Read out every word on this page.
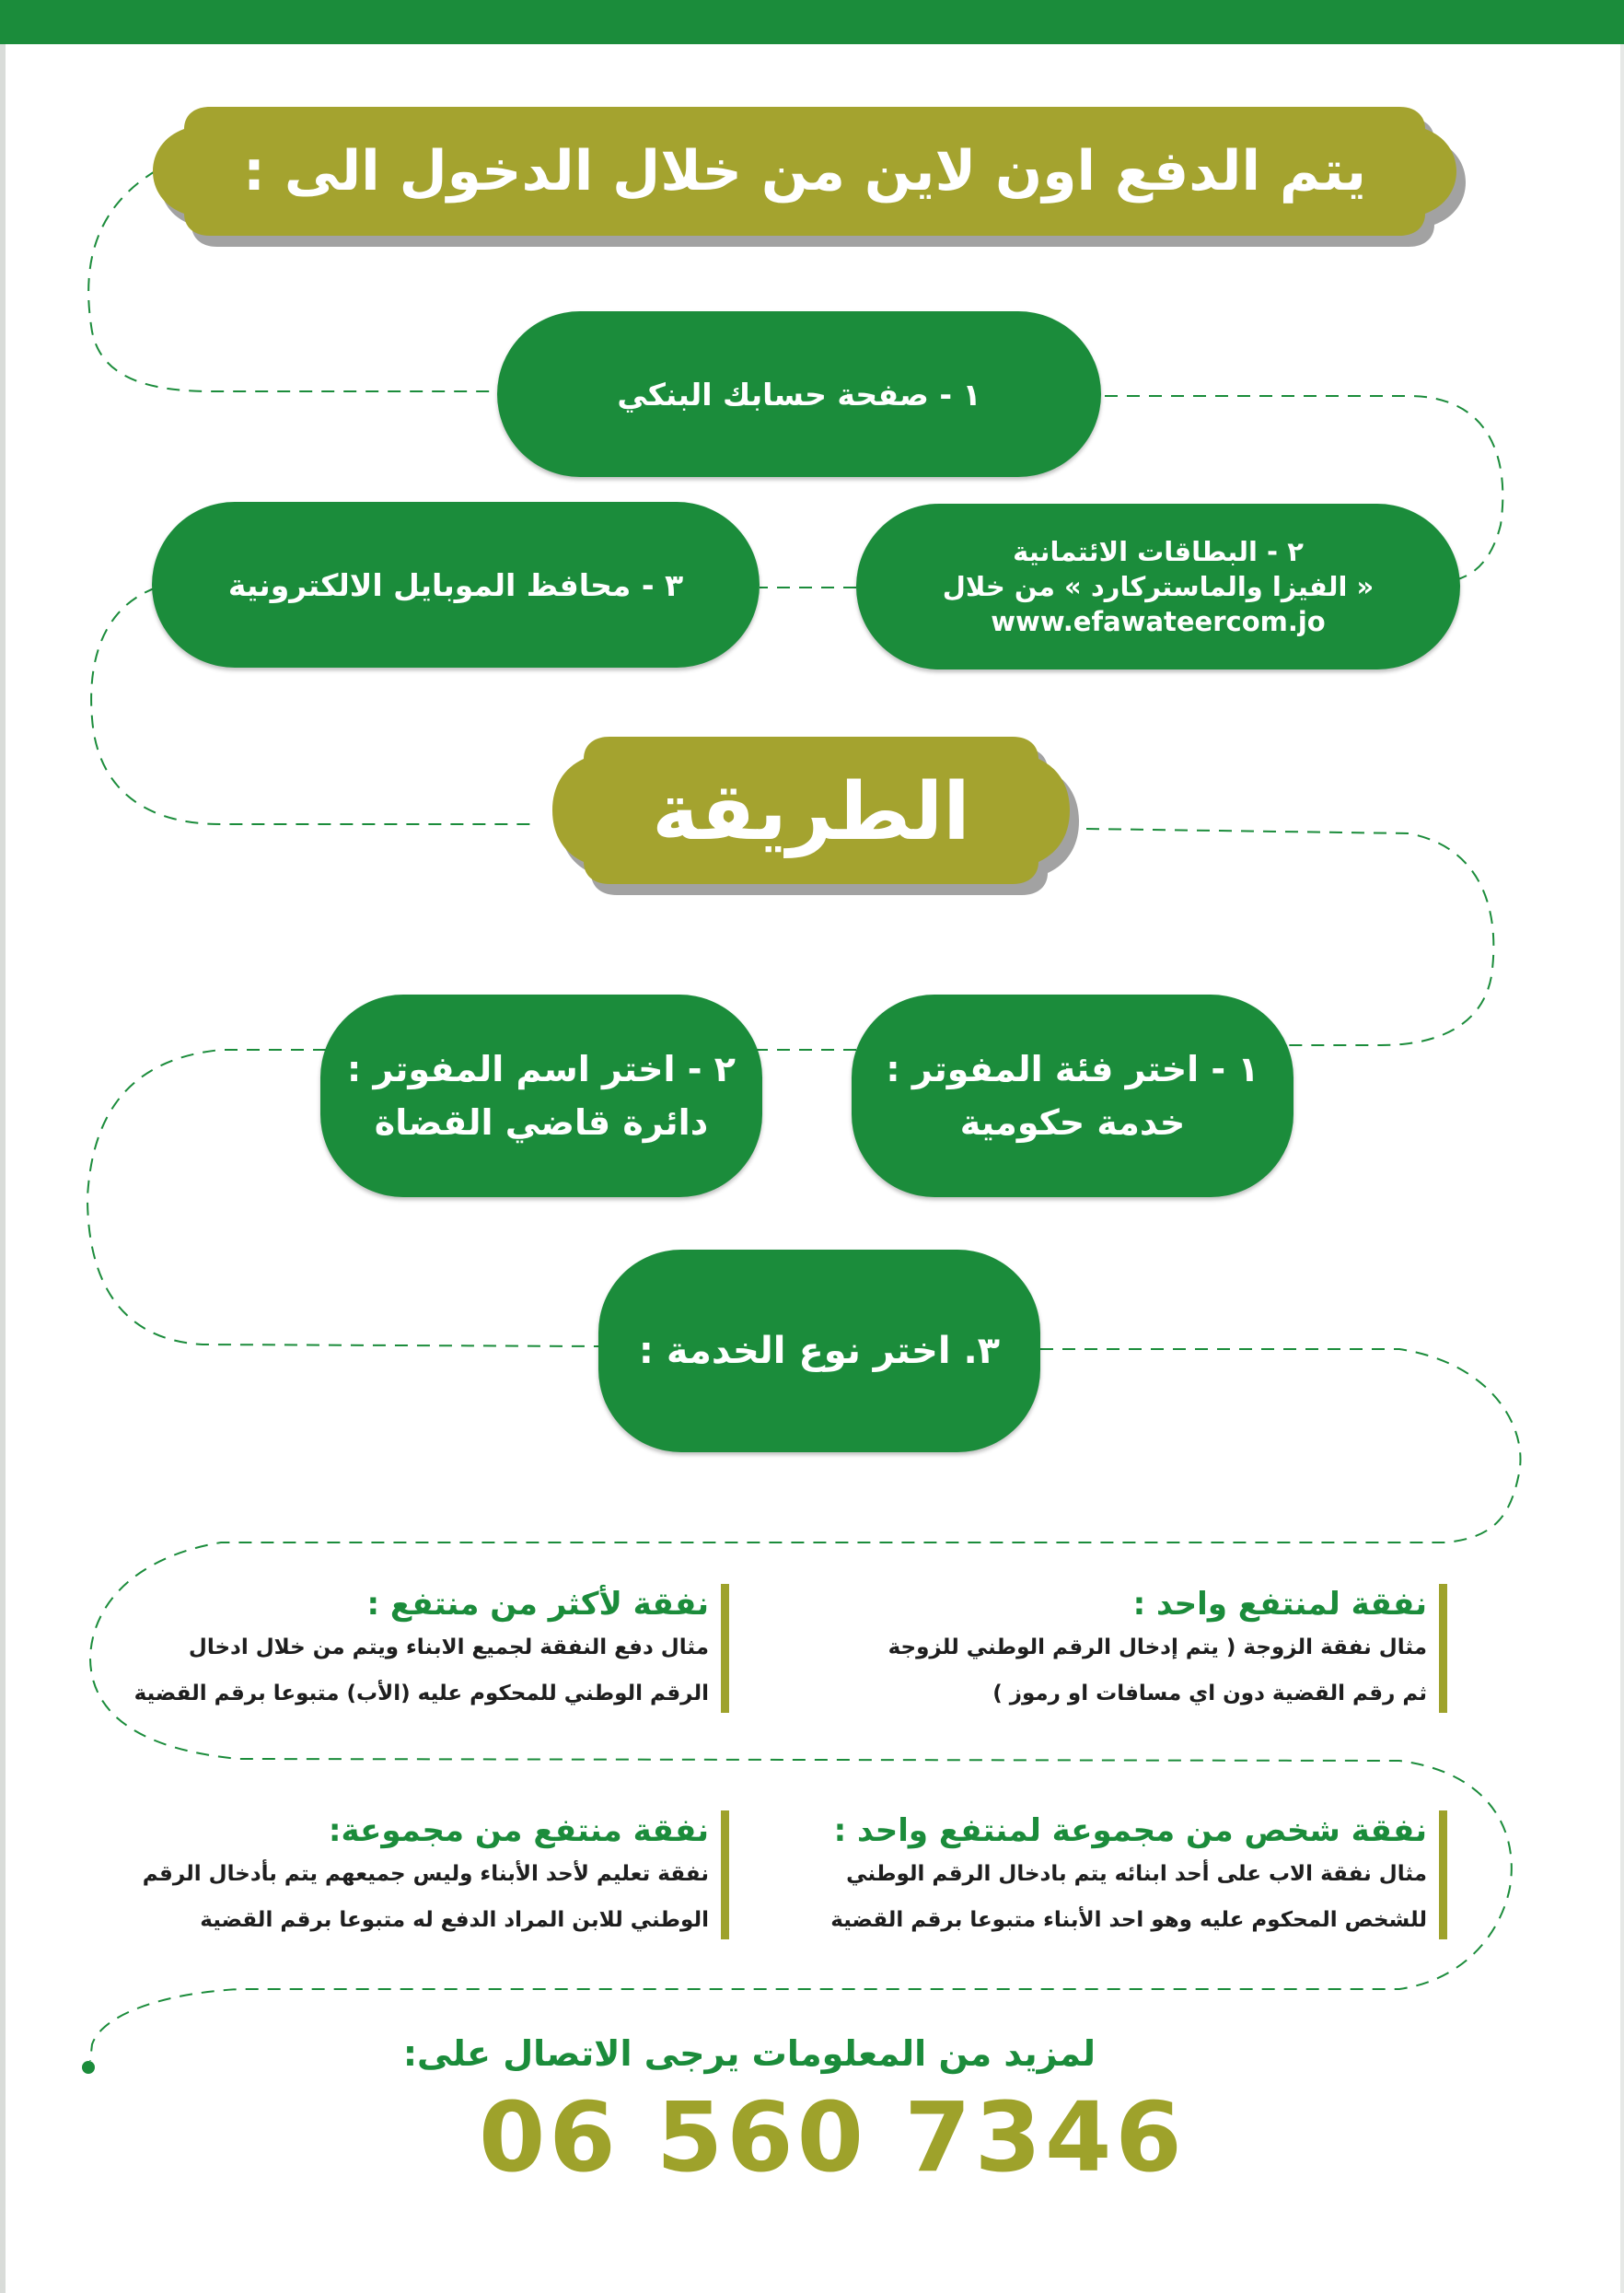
يتم الدفع اون لاين من خلال الدخول الى :
١ - صفحة حسابك البنكي
٢ - البطاقات الائتمانية
« الفيزا والماستركارد » من خلال
www.efawateercom.jo
٣ - محافظ الموبايل الالكترونية
الطريقة
١ - اختر فئة المفوتر :
خدمة حكومية
٢ - اختر اسم المفوتر :
دائرة قاضي القضاة
٣. اختر نوع الخدمة :
نفقة لمنتفع واحد :
مثال نفقة الزوجة ( يتم إدخال الرقم الوطني للزوجة
ثم رقم القضية دون اي مسافات او رموز )
نفقة لأكثر من منتفع :
مثال دفع النفقة لجميع الابناء ويتم من خلال ادخال
الرقم الوطني للمحكوم عليه (الأب) متبوعا برقم القضية
نفقة شخص من مجموعة لمنتفع واحد :
مثال نفقة الاب على أحد ابنائه يتم بادخال الرقم الوطني
للشخص المحكوم عليه وهو احد الأبناء متبوعا برقم القضية
نفقة منتفع من مجموعة:
نفقة تعليم لأحد الأبناء وليس جميعهم يتم بأدخال الرقم
الوطني للابن المراد الدفع له متبوعا برقم القضية
لمزيد من المعلومات يرجى الاتصال على:
06 560 7346
